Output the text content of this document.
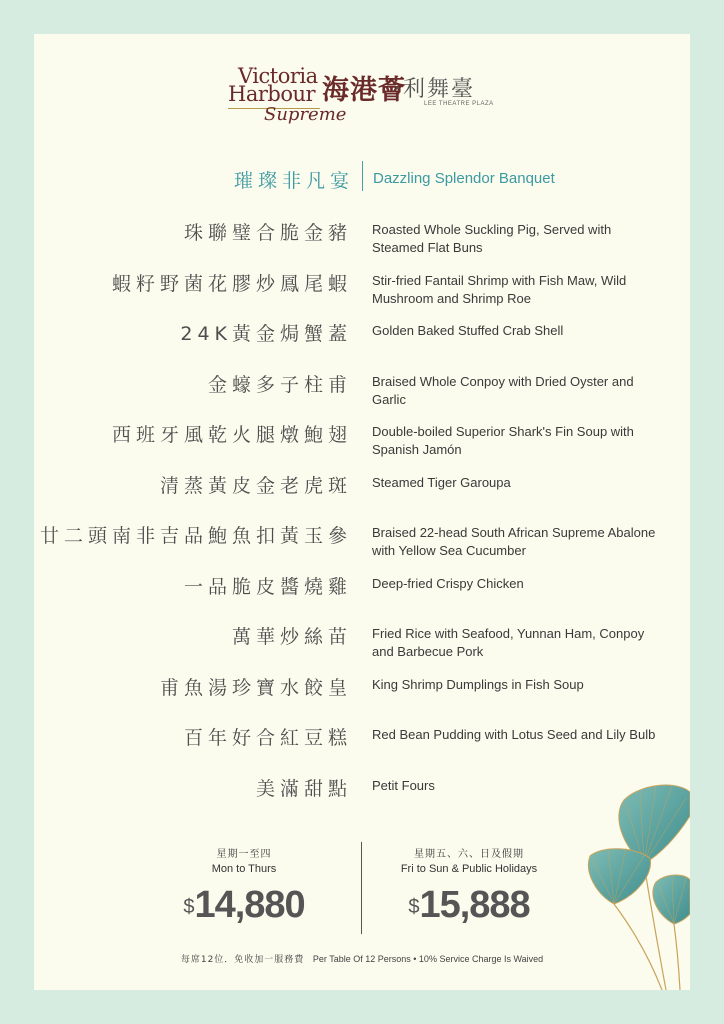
Victoria
Harbour
Supreme
海港薈
·利舞臺
LEE THEATRE PLAZA
璀璨非凡宴 Dazzling Splendor Banquet
珠聯璧合脆金豬 Roasted Whole Suckling Pig, Served with Steamed Flat Buns
蝦籽野菌花膠炒鳳尾蝦 Stir-fried Fantail Shrimp with Fish Maw, Wild Mushroom and Shrimp Roe
24K黃金焗蟹蓋 Golden Baked Stuffed Crab Shell
金蠔多子柱甫 Braised Whole Conpoy with Dried Oyster and Garlic
西班牙風乾火腿燉鮑翅 Double-boiled Superior Shark's Fin Soup with Spanish Jamón
清蒸黃皮金老虎斑 Steamed Tiger Garoupa
廿二頭南非吉品鮑魚扣黃玉參 Braised 22-head South African Supreme Abalone with Yellow Sea Cucumber
一品脆皮醬燒雞 Deep-fried Crispy Chicken
萬華炒絲苗 Fried Rice with Seafood, Yunnan Ham, Conpoy and Barbecue Pork
甫魚湯珍寶水餃皇 King Shrimp Dumplings in Fish Soup
百年好合紅豆糕 Red Bean Pudding with Lotus Seed and Lily Bulb
美滿甜點 Petit Fours
星期一至四
Mon to Thurs
$14,880
星期五、六、日及假期
Fri to Sun & Public Holidays
$15,888
每席12位．免收加一服務費 Per Table Of 12 Persons • 10% Service Charge Is Waived
